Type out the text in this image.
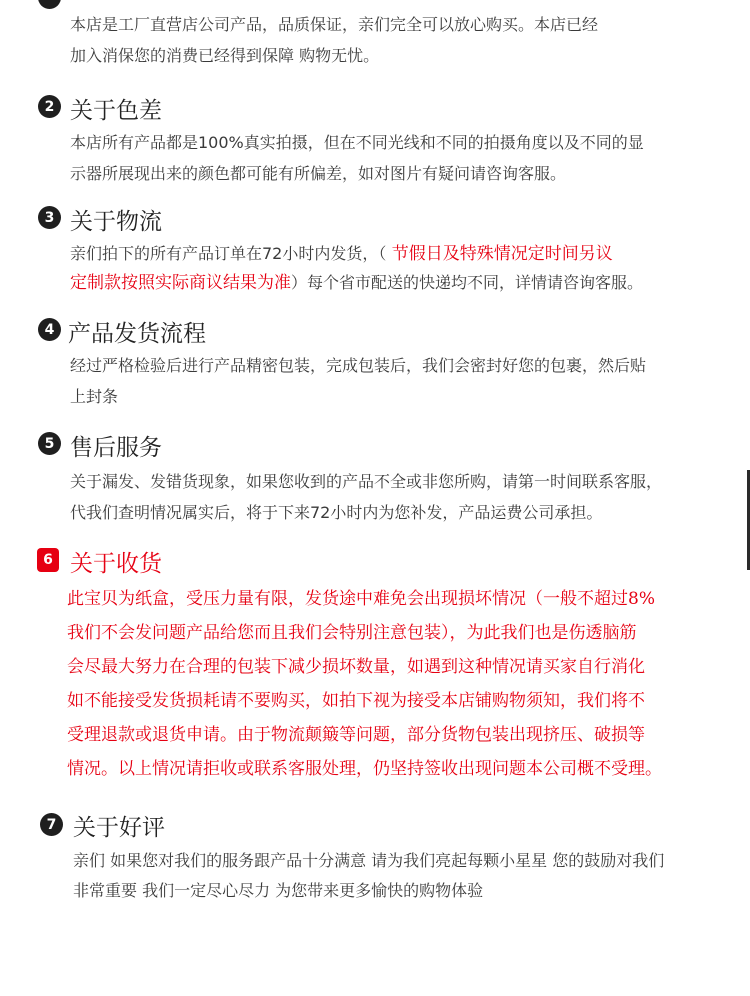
本店是工厂直营店公司产品，品质保证，亲们完全可以放心购买。本店已经
加入消保您的消费已经得到保障 购物无忧。
2 关于色差
本店所有产品都是100%真实拍摄，但在不同光线和不同的拍摄角度以及不同的显
示器所展现出来的颜色都可能有所偏差，如对图片有疑问请咨询客服。
3 关于物流
亲们拍下的所有产品订单在72小时内发货，（ 节假日及特殊情况定时间另议
定制款按照实际商议结果为准）每个省市配送的快递均不同，详情请咨询客服。
4 产品发货流程
经过严格检验后进行产品精密包装，完成包装后，我们会密封好您的包裹，然后贴
上封条
5 售后服务
关于漏发、发错货现象，如果您收到的产品不全或非您所购，请第一时间联系客服，
代我们查明情况属实后，将于下来72小时内为您补发，产品运费公司承担。
6 关于收货
此宝贝为纸盒，受压力量有限，发货途中难免会出现损坏情况（一般不超过8%
我们不会发问题产品给您而且我们会特别注意包装），为此我们也是伤透脑筋
会尽最大努力在合理的包装下减少损坏数量，如遇到这种情况请买家自行消化
如不能接受发货损耗请不要购买，如拍下视为接受本店铺购物须知，我们将不
受理退款或退货申请。由于物流颠簸等问题，部分货物包装出现挤压、破损等
情况。以上情况请拒收或联系客服处理，仍坚持签收出现问题本公司概不受理。
7 关于好评
亲们 如果您对我们的服务跟产品十分满意 请为我们亮起每颗小星星 您的鼓励对我们
非常重要 我们一定尽心尽力 为您带来更多愉快的购物体验
